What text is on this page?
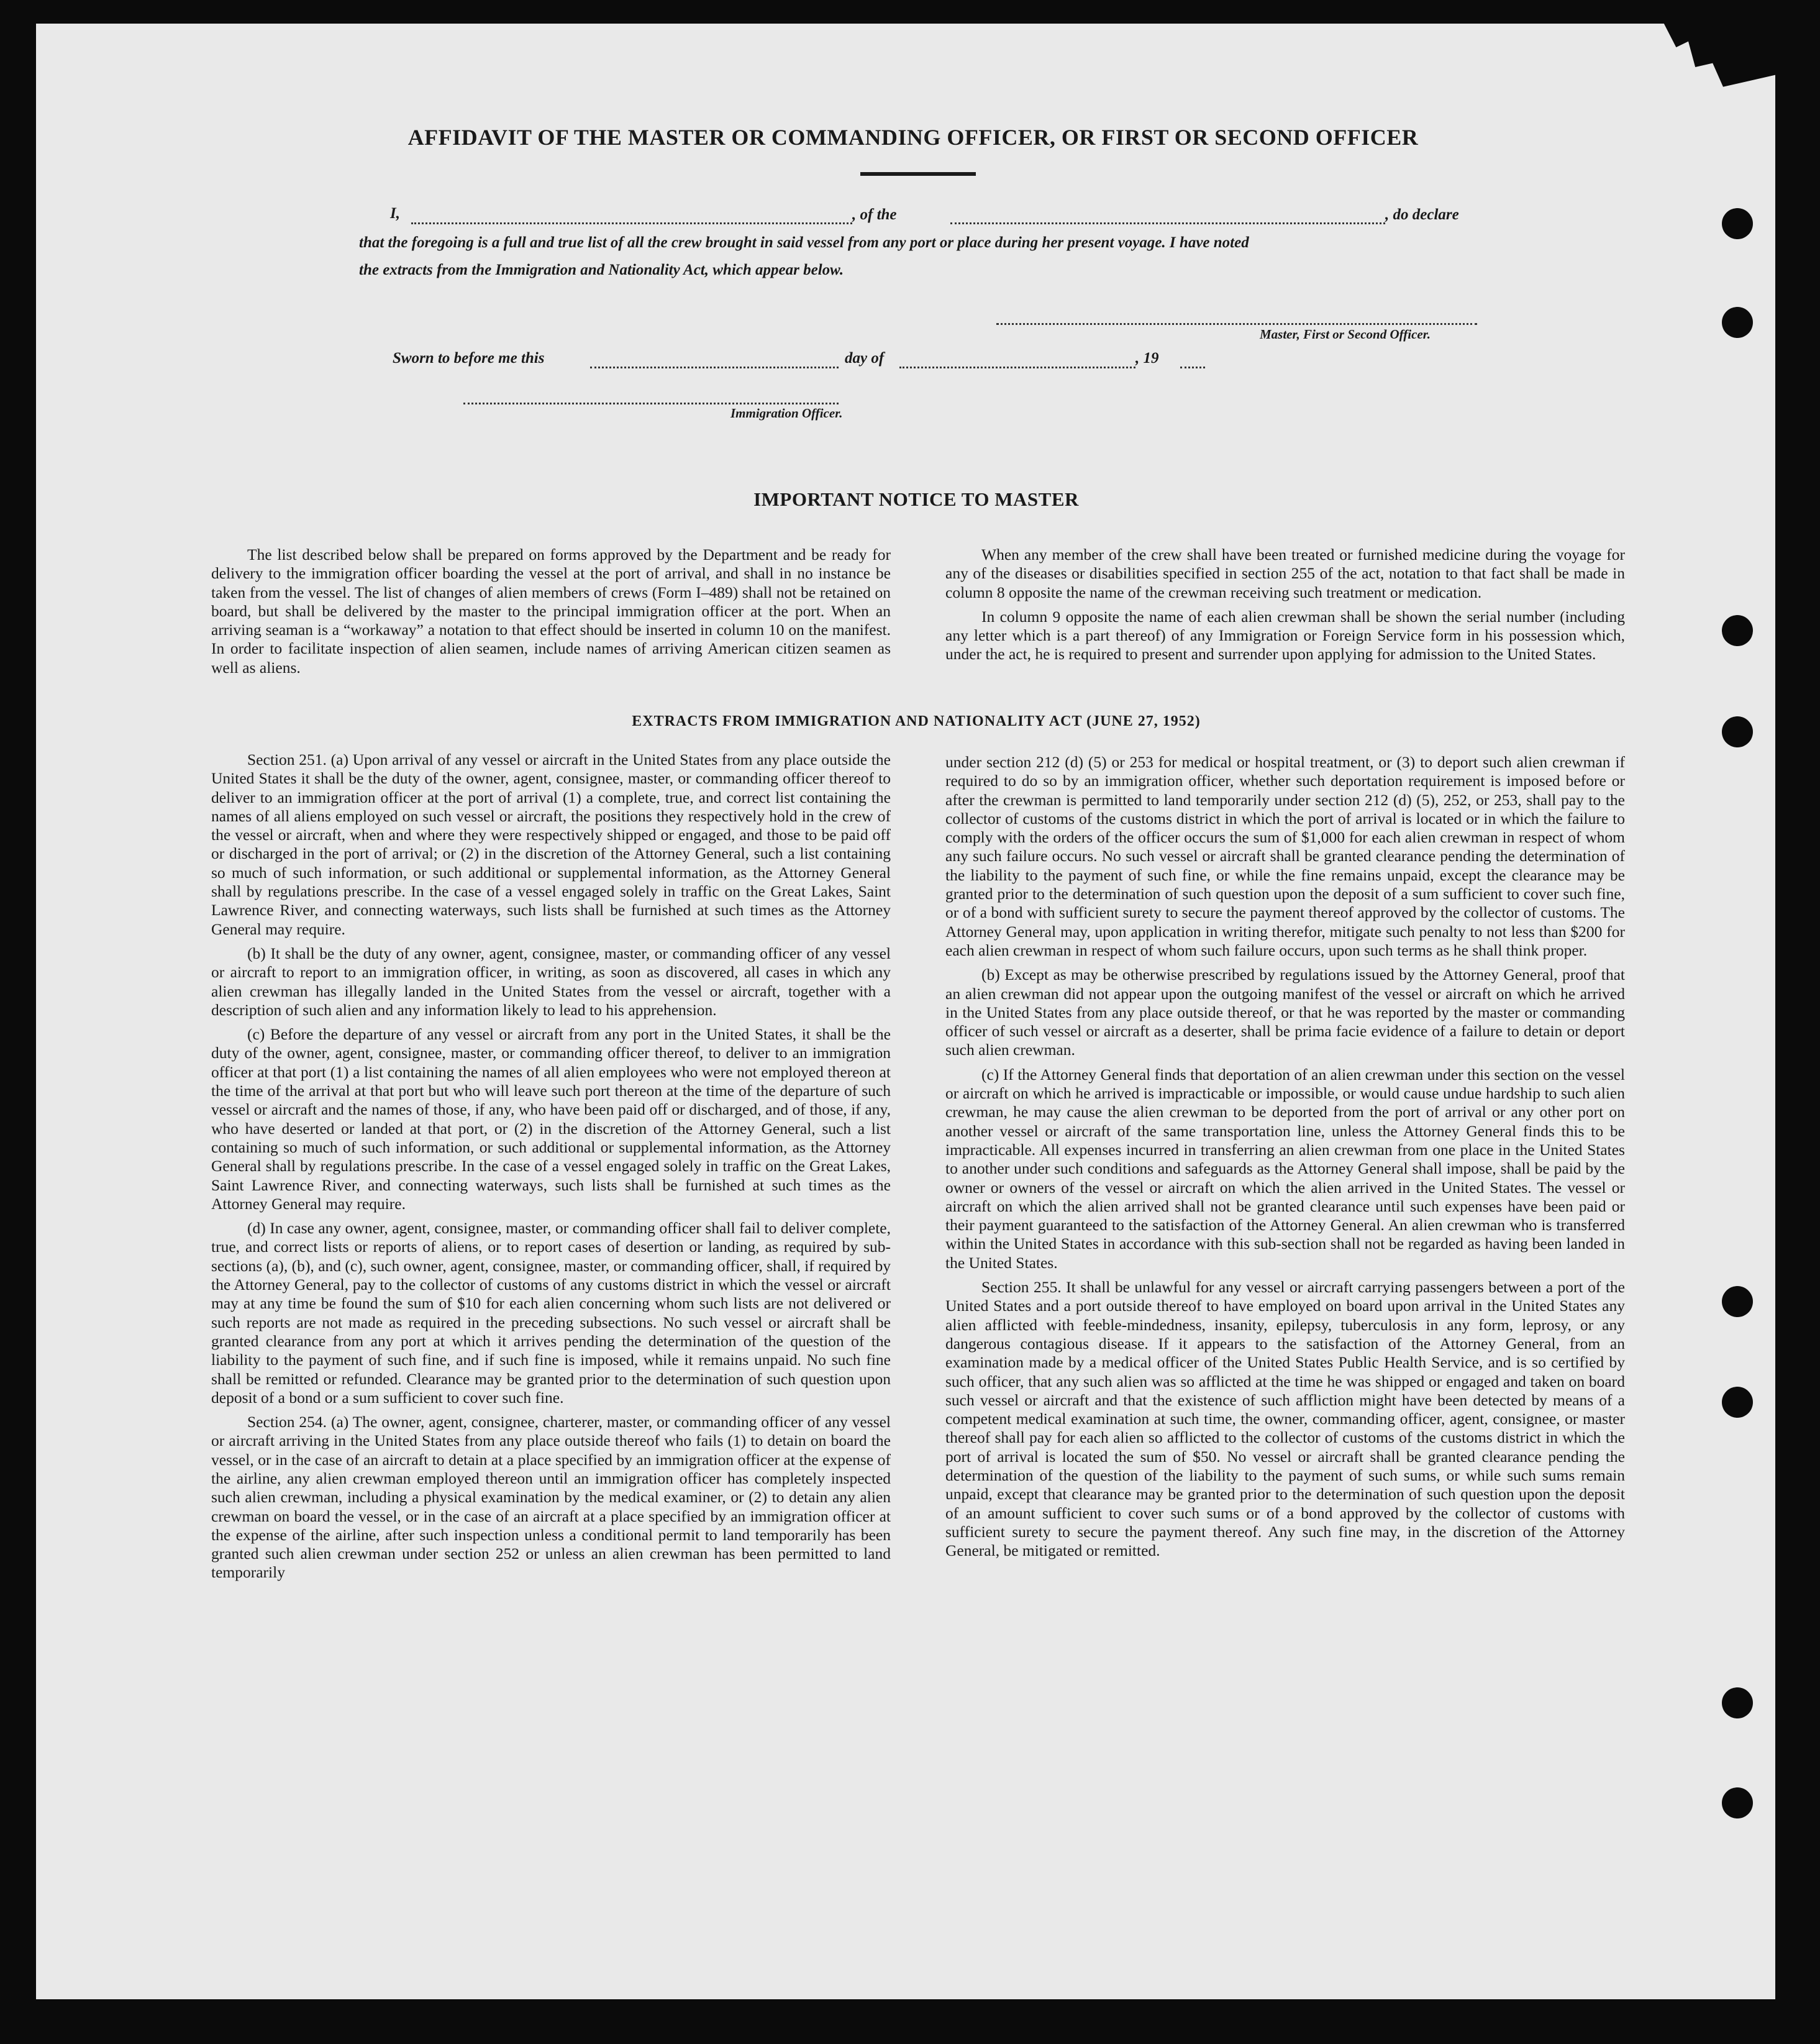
AFFIDAVIT OF THE MASTER OR COMMANDING OFFICER, OR FIRST OR SECOND OFFICER
I,	, of the	, do declare
that the foregoing is a full and true list of all the crew brought in said vessel from any port or place during her present voyage. I have noted
the extracts from the Immigration and Nationality Act, which appear below.
Master, First or Second Officer.
Sworn to before me this	day of	, 19
Immigration Officer.
IMPORTANT NOTICE TO MASTER

The list described below shall be prepared on forms approved by the Department and be ready for delivery to the immigration officer boarding the vessel at the port of arrival, and shall in no instance be taken from the vessel. The list of changes of alien members of crews (Form I–489) shall not be retained on board, but shall be delivered by the master to the principal immigration officer at the port. When an arriving seaman is a “workaway” a notation to that effect should be inserted in column 10 on the manifest. In order to facilitate inspection of alien seamen, include names of arriving American citizen seamen as well as aliens.

When any member of the crew shall have been treated or furnished medicine during the voyage for any of the diseases or disabilities specified in section 255 of the act, notation to that fact shall be made in column 8 opposite the name of the crewman receiving such treatment or medication.

In column 9 opposite the name of each alien crewman shall be shown the serial number (including any letter which is a part thereof) of any Immigration or Foreign Service form in his possession which, under the act, he is required to present and surrender upon applying for admission to the United States.

EXTRACTS FROM IMMIGRATION AND NATIONALITY ACT (JUNE 27, 1952)

Section 251. (a) Upon arrival of any vessel or aircraft in the United States from any place outside the United States it shall be the duty of the owner, agent, consignee, master, or commanding officer thereof to deliver to an immigration officer at the port of arrival (1) a complete, true, and correct list containing the names of all aliens employed on such vessel or aircraft, the positions they respectively hold in the crew of the vessel or aircraft, when and where they were respectively shipped or engaged, and those to be paid off or discharged in the port of arrival; or (2) in the discretion of the Attorney General, such a list containing so much of such information, or such additional or supplemental information, as the Attorney General shall by regulations prescribe. In the case of a vessel engaged solely in traffic on the Great Lakes, Saint Lawrence River, and connecting waterways, such lists shall be furnished at such times as the Attorney General may require.

(b) It shall be the duty of any owner, agent, consignee, master, or commanding officer of any vessel or aircraft to report to an immigration officer, in writing, as soon as discovered, all cases in which any alien crewman has illegally landed in the United States from the vessel or aircraft, together with a description of such alien and any information likely to lead to his apprehension.

(c) Before the departure of any vessel or aircraft from any port in the United States, it shall be the duty of the owner, agent, consignee, master, or commanding officer thereof, to deliver to an immigration officer at that port (1) a list containing the names of all alien employees who were not employed thereon at the time of the arrival at that port but who will leave such port thereon at the time of the departure of such vessel or aircraft and the names of those, if any, who have been paid off or discharged, and of those, if any, who have deserted or landed at that port, or (2) in the discretion of the Attorney General, such a list containing so much of such information, or such additional or supplemental information, as the Attorney General shall by regulations prescribe. In the case of a vessel engaged solely in traffic on the Great Lakes, Saint Lawrence River, and connecting waterways, such lists shall be furnished at such times as the Attorney General may require.

(d) In case any owner, agent, consignee, master, or commanding officer shall fail to deliver complete, true, and correct lists or reports of aliens, or to report cases of desertion or landing, as required by sub-sections (a), (b), and (c), such owner, agent, consignee, master, or commanding officer, shall, if required by the Attorney General, pay to the collector of customs of any customs district in which the vessel or aircraft may at any time be found the sum of $10 for each alien concerning whom such lists are not delivered or such reports are not made as required in the preceding subsections. No such vessel or aircraft shall be granted clearance from any port at which it arrives pending the determination of the question of the liability to the payment of such fine, and if such fine is imposed, while it remains unpaid. No such fine shall be remitted or refunded. Clearance may be granted prior to the determination of such question upon deposit of a bond or a sum sufficient to cover such fine.

Section 254. (a) The owner, agent, consignee, charterer, master, or commanding officer of any vessel or aircraft arriving in the United States from any place outside thereof who fails (1) to detain on board the vessel, or in the case of an aircraft to detain at a place specified by an immigration officer at the expense of the airline, any alien crewman employed thereon until an immigration officer has completely inspected such alien crewman, including a physical examination by the medical examiner, or (2) to detain any alien crewman on board the vessel, or in the case of an aircraft at a place specified by an immigration officer at the expense of the airline, after such inspection unless a conditional permit to land temporarily has been granted such alien crewman under section 252 or unless an alien crewman has been permitted to land temporarily

under section 212 (d) (5) or 253 for medical or hospital treatment, or (3) to deport such alien crewman if required to do so by an immigration officer, whether such deportation requirement is imposed before or after the crewman is permitted to land temporarily under section 212 (d) (5), 252, or 253, shall pay to the collector of customs of the customs district in which the port of arrival is located or in which the failure to comply with the orders of the officer occurs the sum of $1,000 for each alien crewman in respect of whom any such failure occurs. No such vessel or aircraft shall be granted clearance pending the determination of the liability to the payment of such fine, or while the fine remains unpaid, except the clearance may be granted prior to the determination of such question upon the deposit of a sum sufficient to cover such fine, or of a bond with sufficient surety to secure the payment thereof approved by the collector of customs. The Attorney General may, upon application in writing therefor, mitigate such penalty to not less than $200 for each alien crewman in respect of whom such failure occurs, upon such terms as he shall think proper.

(b) Except as may be otherwise prescribed by regulations issued by the Attorney General, proof that an alien crewman did not appear upon the outgoing manifest of the vessel or aircraft on which he arrived in the United States from any place outside thereof, or that he was reported by the master or commanding officer of such vessel or aircraft as a deserter, shall be prima facie evidence of a failure to detain or deport such alien crewman.

(c) If the Attorney General finds that deportation of an alien crewman under this section on the vessel or aircraft on which he arrived is impracticable or impossible, or would cause undue hardship to such alien crewman, he may cause the alien crewman to be deported from the port of arrival or any other port on another vessel or aircraft of the same transportation line, unless the Attorney General finds this to be impracticable. All expenses incurred in transferring an alien crewman from one place in the United States to another under such conditions and safeguards as the Attorney General shall impose, shall be paid by the owner or owners of the vessel or aircraft on which the alien arrived in the United States. The vessel or aircraft on which the alien arrived shall not be granted clearance until such expenses have been paid or their payment guaranteed to the satisfaction of the Attorney General. An alien crewman who is transferred within the United States in accordance with this sub-section shall not be regarded as having been landed in the United States.

Section 255. It shall be unlawful for any vessel or aircraft carrying passengers between a port of the United States and a port outside thereof to have employed on board upon arrival in the United States any alien afflicted with feeble-mindedness, insanity, epilepsy, tuberculosis in any form, leprosy, or any dangerous contagious disease. If it appears to the satisfaction of the Attorney General, from an examination made by a medical officer of the United States Public Health Service, and is so certified by such officer, that any such alien was so afflicted at the time he was shipped or engaged and taken on board such vessel or aircraft and that the existence of such affliction might have been detected by means of a competent medical examination at such time, the owner, commanding officer, agent, consignee, or master thereof shall pay for each alien so afflicted to the collector of customs of the customs district in which the port of arrival is located the sum of $50. No vessel or aircraft shall be granted clearance pending the determination of the question of the liability to the payment of such sums, or while such sums remain unpaid, except that clearance may be granted prior to the determination of such question upon the deposit of an amount sufficient to cover such sums or of a bond approved by the collector of customs with sufficient surety to secure the payment thereof. Any such fine may, in the discretion of the Attorney General, be mitigated or remitted.
